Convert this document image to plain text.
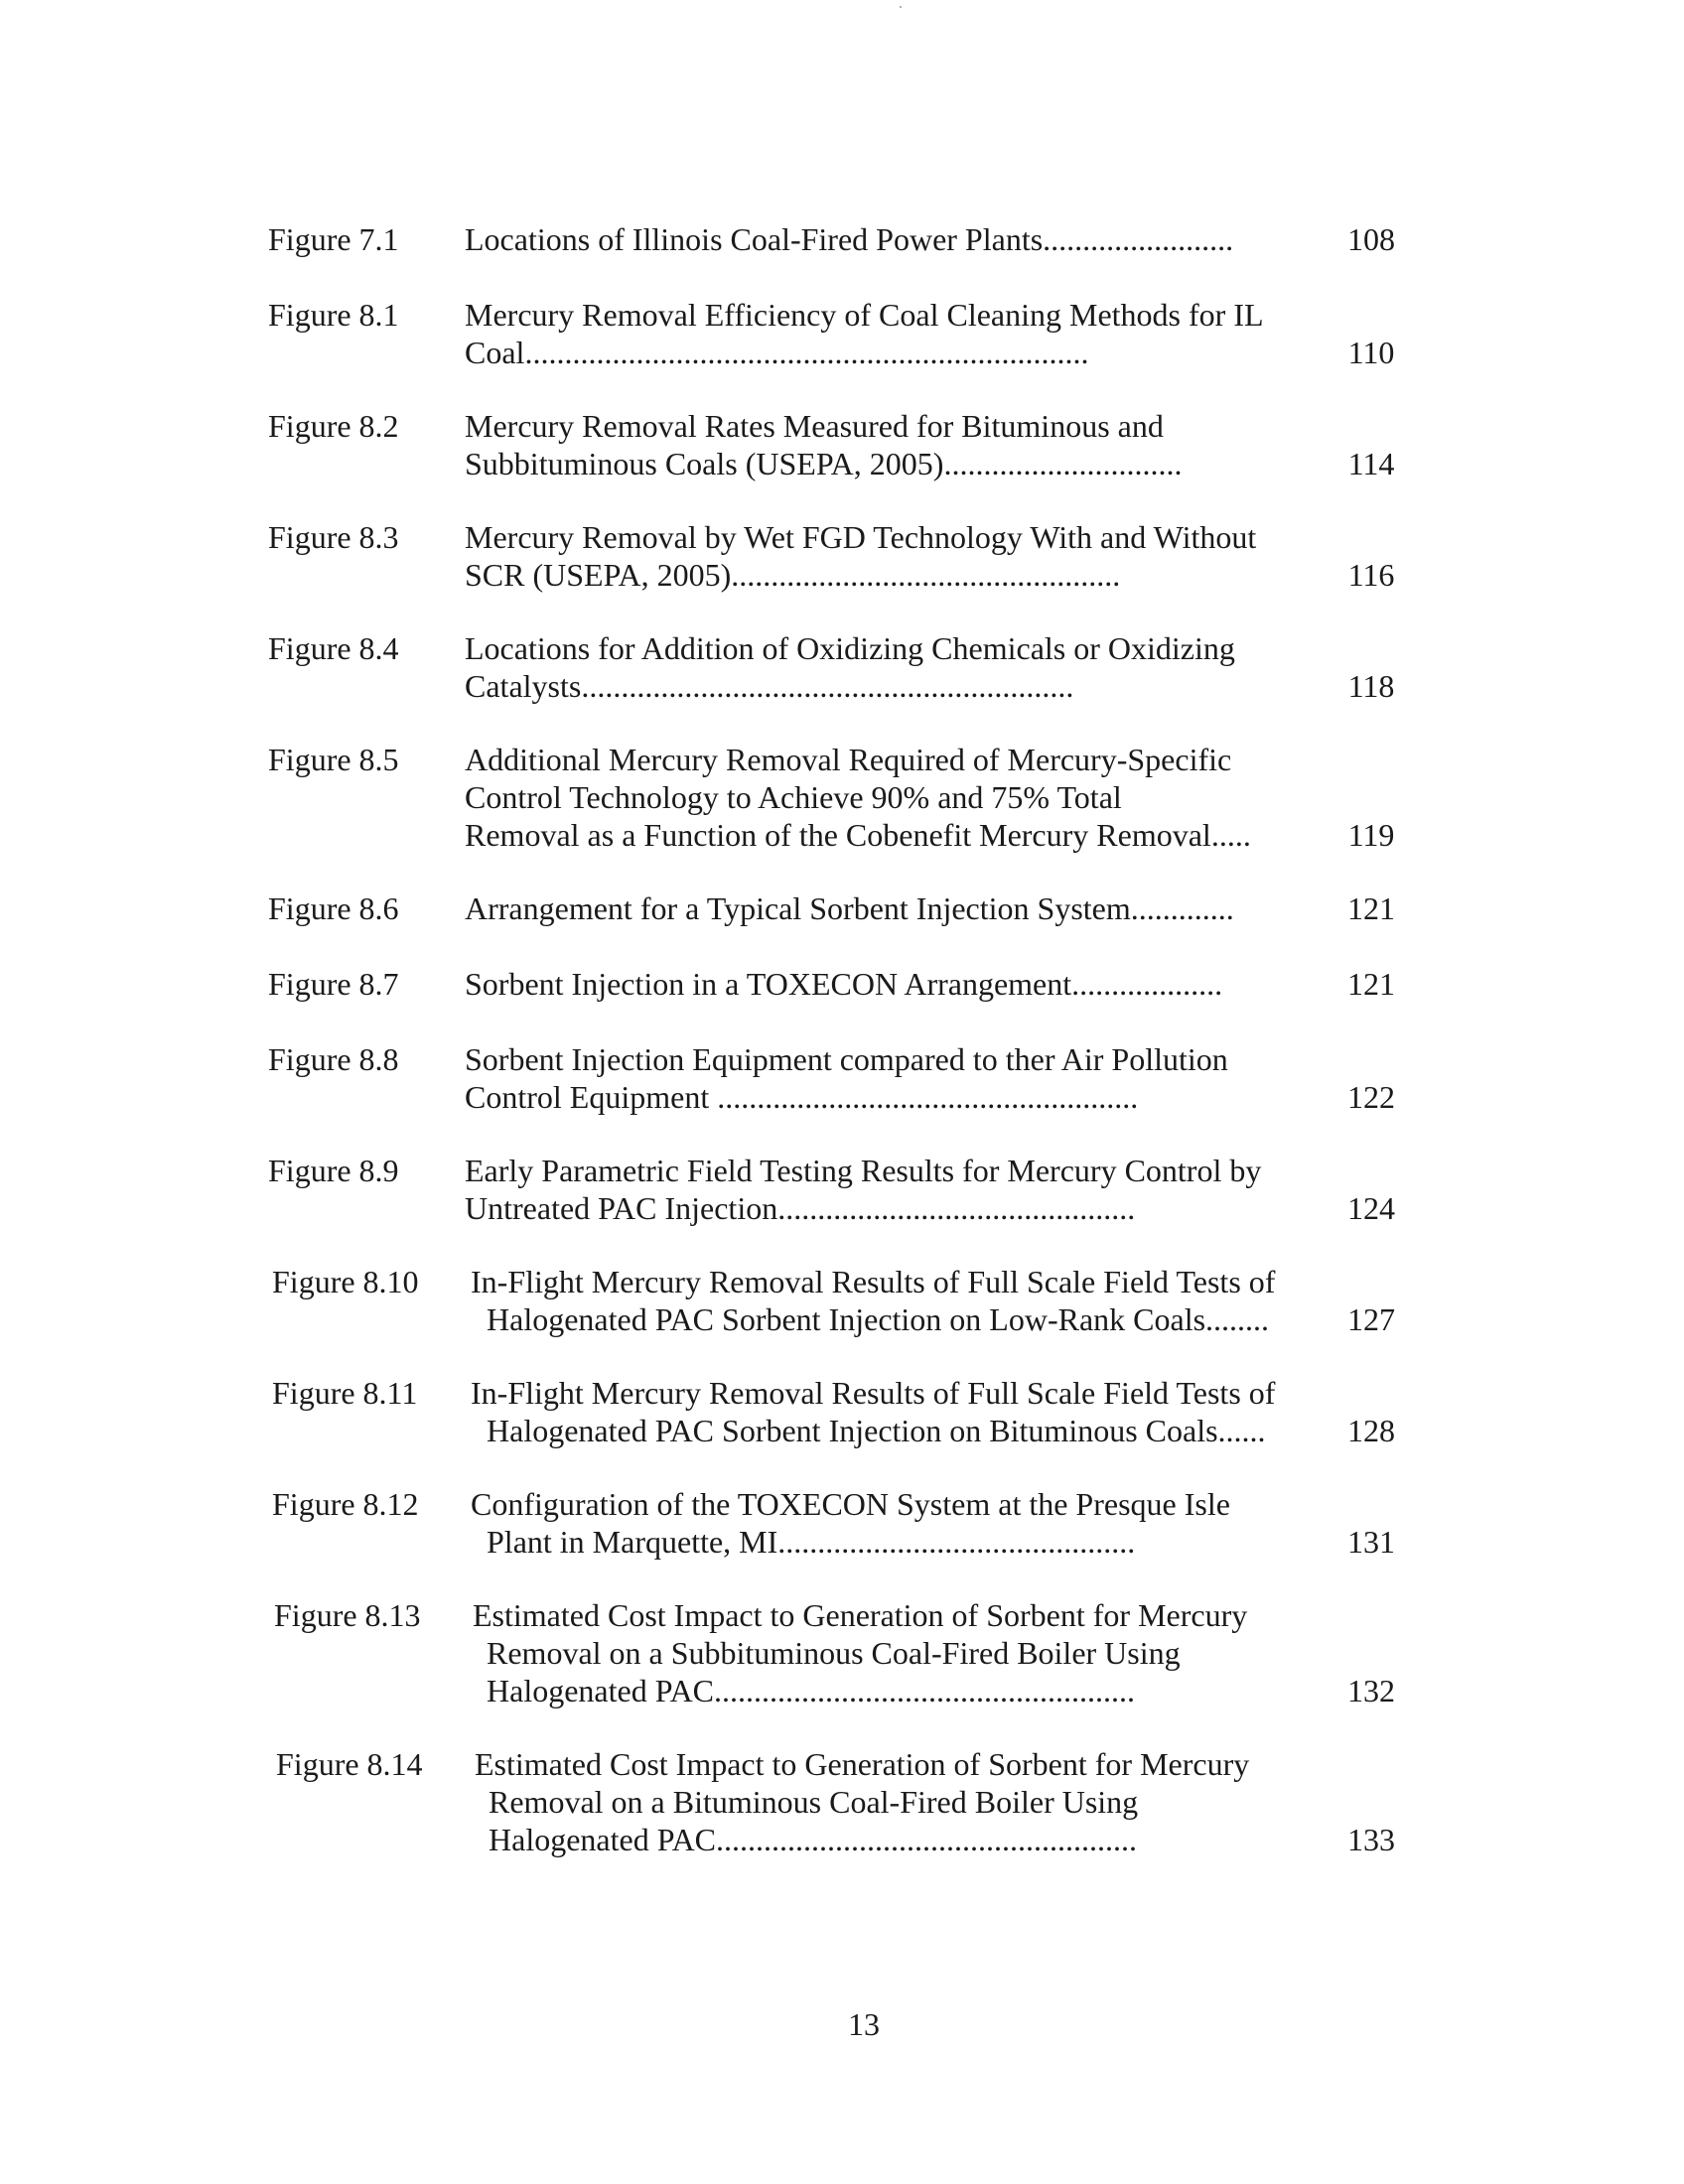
Figure 7.1 Locations of Illinois Coal-Fired Power Plants........................	108
Figure 8.1 Mercury Removal Efficiency of Coal Cleaning Methods for IL
Coal.......................................................................	110
Figure 8.2 Mercury Removal Rates Measured for Bituminous and
Subbituminous Coals (USEPA, 2005)..............................	114
Figure 8.3 Mercury Removal by Wet FGD Technology With and Without
SCR (USEPA, 2005).................................................	116
Figure 8.4 Locations for Addition of Oxidizing Chemicals or Oxidizing
Catalysts..............................................................	118
Figure 8.5 Additional Mercury Removal Required of Mercury-Specific
Control Technology to Achieve 90% and 75% Total
Removal as a Function of the Cobenefit Mercury Removal.....	119
Figure 8.6 Arrangement for a Typical Sorbent Injection System.............	121
Figure 8.7 Sorbent Injection in a TOXECON Arrangement...................	121
Figure 8.8 Sorbent Injection Equipment compared to ther Air Pollution
Control Equipment .....................................................	122
Figure 8.9 Early Parametric Field Testing Results for Mercury Control by
Untreated PAC Injection.............................................	124
Figure 8.10 In-Flight Mercury Removal Results of Full Scale Field Tests of
Halogenated PAC Sorbent Injection on Low-Rank Coals........	127
Figure 8.11 In-Flight Mercury Removal Results of Full Scale Field Tests of
Halogenated PAC Sorbent Injection on Bituminous Coals......	128
Figure 8.12 Configuration of the TOXECON System at the Presque Isle
Plant in Marquette, MI.............................................	131
Figure 8.13 Estimated Cost Impact to Generation of Sorbent for Mercury
Removal on a Subbituminous Coal-Fired Boiler Using
Halogenated PAC.....................................................	132
Figure 8.14 Estimated Cost Impact to Generation of Sorbent for Mercury
Removal on a Bituminous Coal-Fired Boiler Using
Halogenated PAC.....................................................	133
13
